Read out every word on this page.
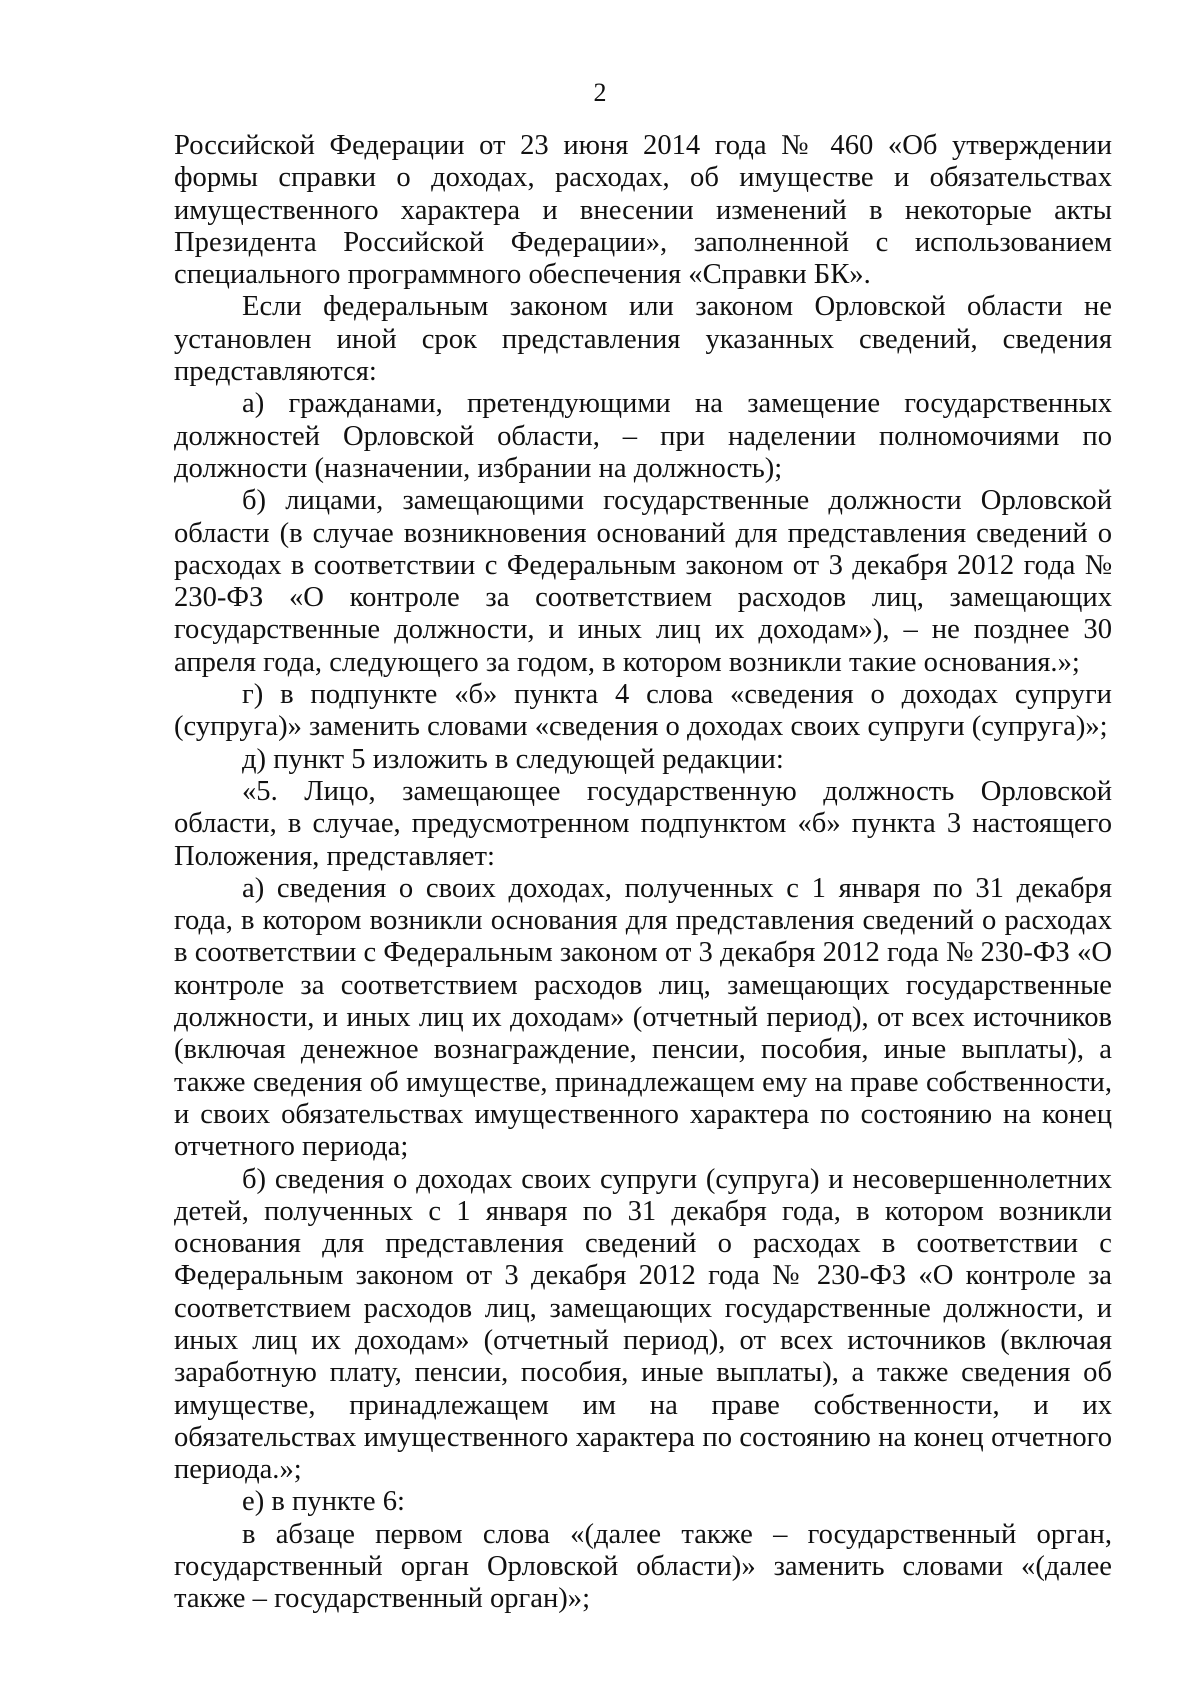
2

Российской Федерации от 23 июня 2014 года № 460 «Об утверждении формы справки о доходах, расходах, об имуществе и обязательствах имущественного характера и внесении изменений в некоторые акты Президента Российской Федерации», заполненной с использованием специального программного обеспечения «Справки БК».

Если федеральным законом или законом Орловской области не установлен иной срок представления указанных сведений, сведения представляются:

а) гражданами, претендующими на замещение государственных должностей Орловской области, – при наделении полномочиями по должности (назначении, избрании на должность);

б) лицами, замещающими государственные должности Орловской области (в случае возникновения оснований для представления сведений о расходах в соответствии с Федеральным законом от 3 декабря 2012 года № 230-ФЗ «О контроле за соответствием расходов лиц, замещающих государственные должности, и иных лиц их доходам»), – не позднее 30 апреля года, следующего за годом, в котором возникли такие основания.»;

г) в подпункте «б» пункта 4 слова «сведения о доходах супруги (супруга)» заменить словами «сведения о доходах своих супруги (супруга)»;

д) пункт 5 изложить в следующей редакции:

«5. Лицо, замещающее государственную должность Орловской области, в случае, предусмотренном подпунктом «б» пункта 3 настоящего Положения, представляет:

а) сведения о своих доходах, полученных с 1 января по 31 декабря года, в котором возникли основания для представления сведений о расходах в соответствии с Федеральным законом от 3 декабря 2012 года № 230-ФЗ «О контроле за соответствием расходов лиц, замещающих государственные должности, и иных лиц их доходам» (отчетный период), от всех источников (включая денежное вознаграждение, пенсии, пособия, иные выплаты), а также сведения об имуществе, принадлежащем ему на праве собственности, и своих обязательствах имущественного характера по состоянию на конец отчетного периода;

б) сведения о доходах своих супруги (супруга) и несовершеннолетних детей, полученных с 1 января по 31 декабря года, в котором возникли основания для представления сведений о расходах в соответствии с Федеральным законом от 3 декабря 2012 года № 230-ФЗ «О контроле за соответствием расходов лиц, замещающих государственные должности, и иных лиц их доходам» (отчетный период), от всех источников (включая заработную плату, пенсии, пособия, иные выплаты), а также сведения об имуществе, принадлежащем им на праве собственности, и их обязательствах имущественного характера по состоянию на конец отчетного периода.»;

е) в пункте 6:

в абзаце первом слова «(далее также – государственный орган, государственный орган Орловской области)» заменить словами «(далее также – государственный орган)»;
